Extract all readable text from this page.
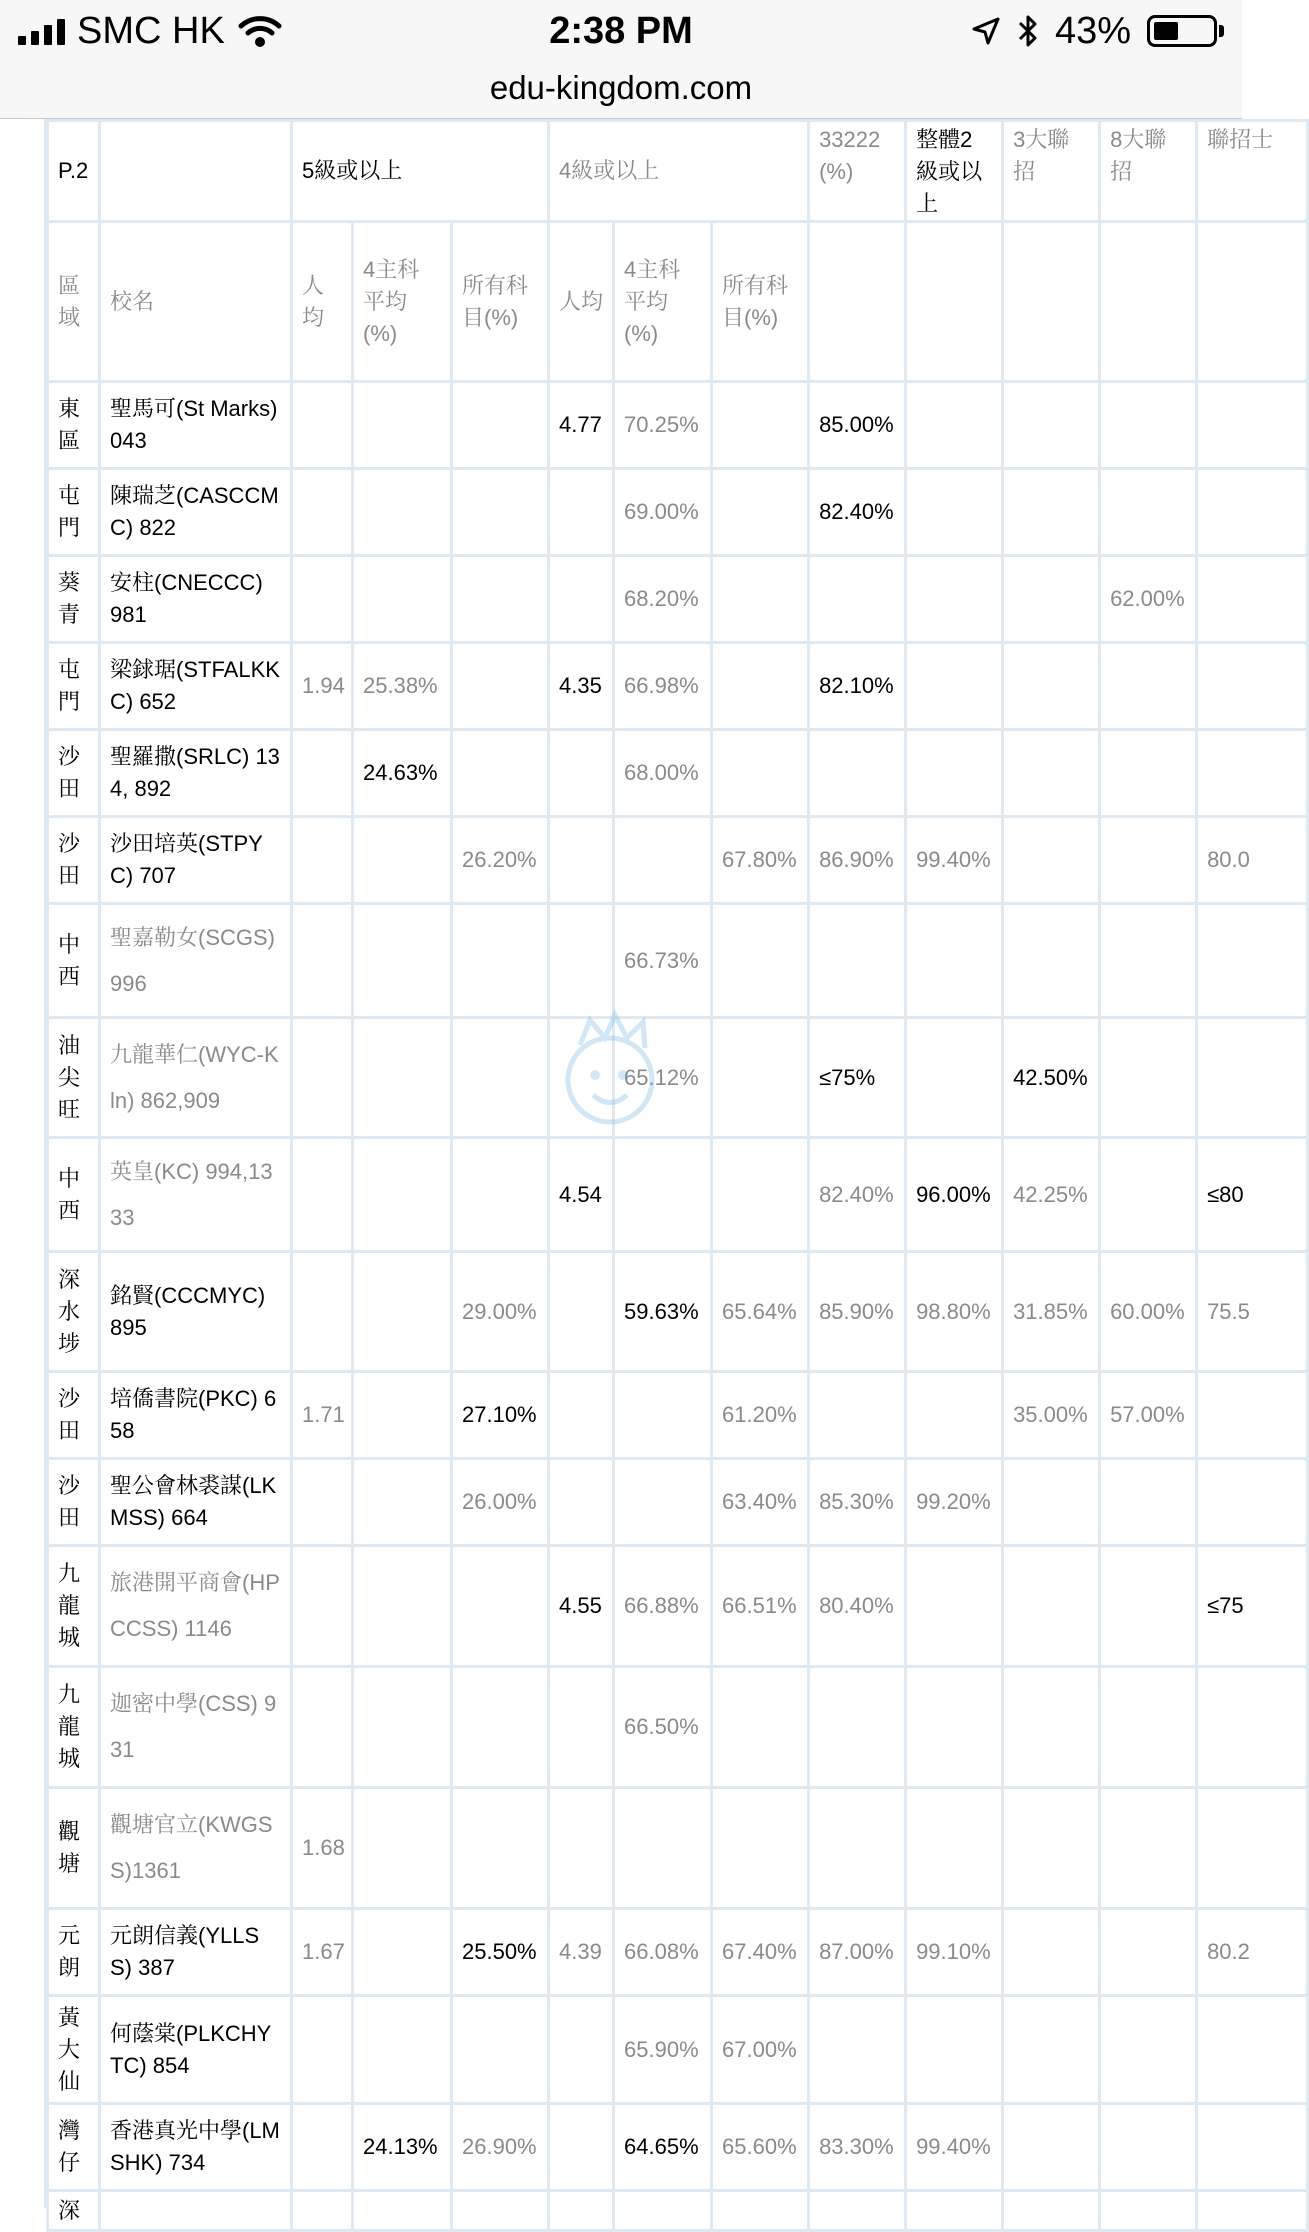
SMC HK	2:38 PM	43%
edu-kingdom.com
P.2		5級或以上			4級或以上			33222 (%)	整體2級或以上	3大聯招	8大聯招	聯招士
區域	校名	人均	4主科平均(%)	所有科目(%)	人均	4主科平均(%)	所有科目(%)					
東區	聖馬可(St Marks) 043				4.77	70.25%		85.00%				
屯門	陳瑞芝(CASCCMC) 822					69.00%		82.40%				
葵青	安柱(CNECCC) 981					68.20%					62.00%	
屯門	梁銶琚(STFALKKC) 652	1.94	25.38%		4.35	66.98%		82.10%				
沙田	聖羅撒(SRLC) 134, 892		24.63%			68.00%						
沙田	沙田培英(STPYC) 707			26.20%			67.80%	86.90%	99.40%			80.0
中西	聖嘉勒女(SCGS) 996					66.73%						
油尖旺	九龍華仁(WYC-Kln) 862,909					65.12%		≤75%		42.50%		
中西	英皇(KC) 994,1333				4.54			82.40%	96.00%	42.25%		≤80
深水埗	銘賢(CCCMYC) 895			29.00%		59.63%	65.64%	85.90%	98.80%	31.85%	60.00%	75.5
沙田	培僑書院(PKC) 658	1.71		27.10%			61.20%			35.00%	57.00%	
沙田	聖公會林裘謀(LKMSS) 664			26.00%			63.40%	85.30%	99.20%			
九龍城	旅港開平商會(HPCCSS) 1146				4.55	66.88%	66.51%	80.40%				≤75
九龍城	迦密中學(CSS) 931					66.50%						
觀塘	觀塘官立(KWGSS)1361	1.68										
元朗	元朗信義(YLLSS) 387	1.67		25.50%	4.39	66.08%	67.40%	87.00%	99.10%			80.2
黃大仙	何蔭棠(PLKCHYTC) 854					65.90%	67.00%					
灣仔	香港真光中學(LMSHK) 734		24.13%	26.90%		64.65%	65.60%	83.30%	99.40%			
深												
